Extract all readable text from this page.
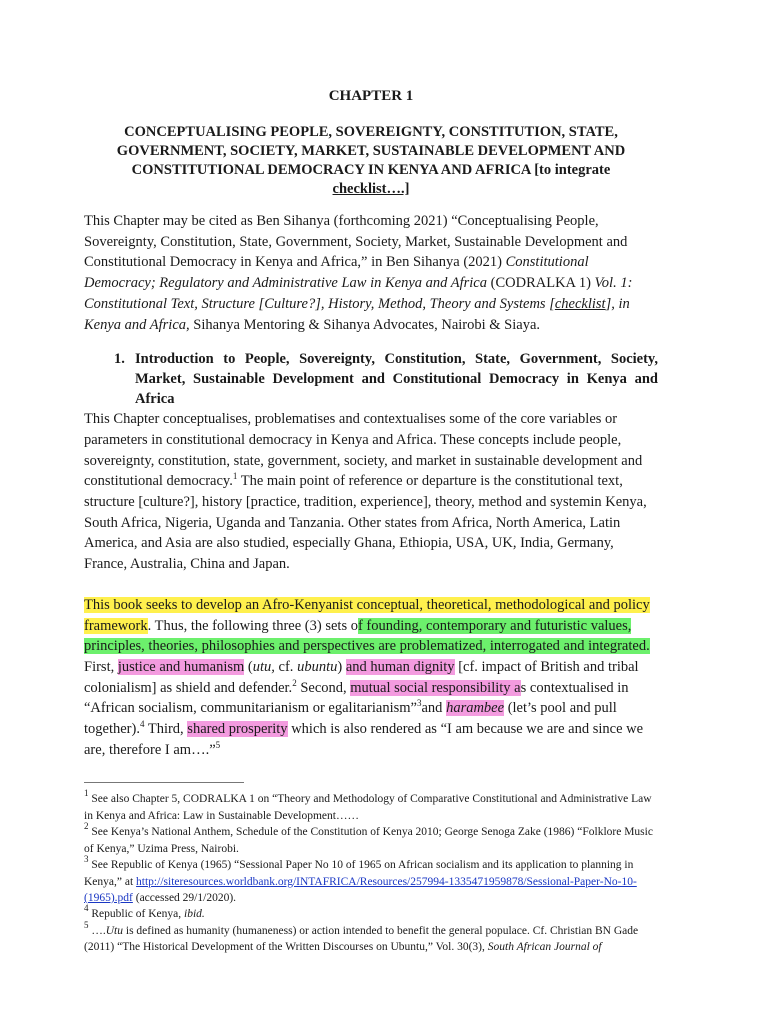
CHAPTER 1
CONCEPTUALISING PEOPLE, SOVEREIGNTY, CONSTITUTION, STATE, GOVERNMENT, SOCIETY, MARKET, SUSTAINABLE DEVELOPMENT AND CONSTITUTIONAL DEMOCRACY IN KENYA AND AFRICA [to integrate checklist….]

This Chapter may be cited as Ben Sihanya (forthcoming 2021) “Conceptualising People, Sovereignty, Constitution, State, Government, Society, Market, Sustainable Development and Constitutional Democracy in Kenya and Africa,” in Ben Sihanya (2021) Constitutional Democracy; Regulatory and Administrative Law in Kenya and Africa (CODRALKA 1) Vol. 1: Constitutional Text, Structure [Culture?], History, Method, Theory and Systems [checklist], in Kenya and Africa, Sihanya Mentoring & Sihanya Advocates, Nairobi & Siaya.

1. Introduction to People, Sovereignty, Constitution, State, Government, Society, Market, Sustainable Development and Constitutional Democracy in Kenya and Africa

This Chapter conceptualises, problematises and contextualises some of the core variables or parameters in constitutional democracy in Kenya and Africa. These concepts include people, sovereignty, constitution, state, government, society, and market in sustainable development and constitutional democracy.$^1$ The main point of reference or departure is the constitutional text, structure [culture?], history [practice, tradition, experience], theory, method and systemin Kenya, South Africa, Nigeria, Uganda and Tanzania. Other states from Africa, North America, Latin America, and Asia are also studied, especially Ghana, Ethiopia, USA, UK, India, Germany, France, Australia, China and Japan.

This book seeks to develop an Afro-Kenyanist conceptual, theoretical, methodological and policy framework. Thus, the following three (3) sets of founding, contemporary and futuristic values, principles, theories, philosophies and perspectives are problematized, interrogated and integrated. First, justice and humanism (utu, cf. ubuntu) and human dignity [cf. impact of British and tribal colonialism] as shield and defender.$^2$ Second, mutual social responsibility as contextualised in “African socialism, communitarianism or egalitarianism”$^3$and harambee (let’s pool and pull together).$^4$ Third, shared prosperity which is also rendered as “I am because we are and since we are, therefore I am….”$^5$

$^1$ See also Chapter 5, CODRALKA 1 on “Theory and Methodology of Comparative Constitutional and Administrative Law in Kenya and Africa: Law in Sustainable Development……

$^2$ See Kenya’s National Anthem, Schedule of the Constitution of Kenya 2010; George Senoga Zake (1986) “Folklore Music of Kenya,” Uzima Press, Nairobi.

$^3$ See Republic of Kenya (1965) “Sessional Paper No 10 of 1965 on African socialism and its application to planning in Kenya,” at http://siteresources.worldbank.org/INTAFRICA/Resources/257994-1335471959878/Sessional-Paper-No-10-(1965).pdf (accessed 29/1/2020).

$^4$ Republic of Kenya, ibid.

$^5$ ….Utu is defined as humanity (humaneness) or action intended to benefit the general populace. Cf. Christian BN Gade (2011) “The Historical Development of the Written Discourses on Ubuntu,” Vol. 30(3), South African Journal of
